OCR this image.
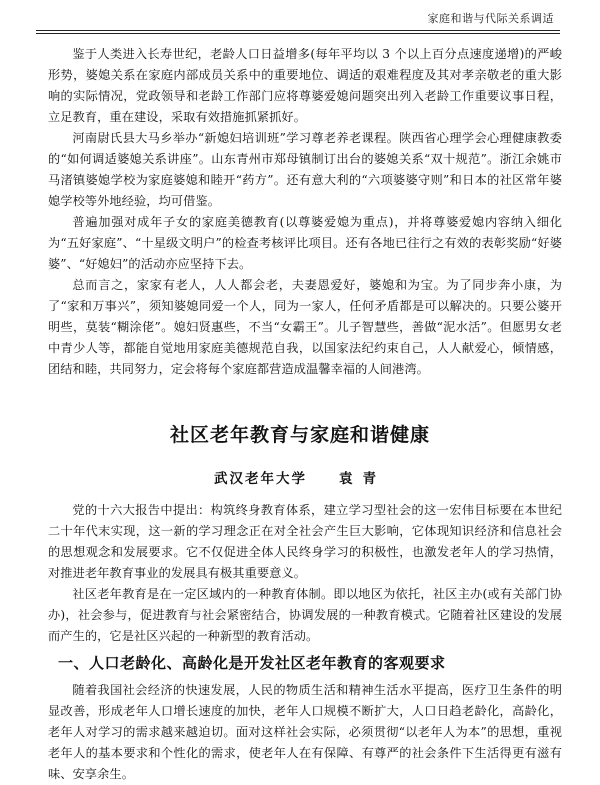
家庭和谐与代际关系调适

鉴于人类进入长寿世纪，老龄人口日益增多(每年平均以 3 个以上百分点速度递增)的严峻形势，婆媳关系在家庭内部成员关系中的重要地位、调适的艰难程度及其对孝亲敬老的重大影响的实际情况，党政领导和老龄工作部门应将尊婆爱媳问题突出列入老龄工作重要议事日程，立足教育，重在建设，采取有效措施抓紧抓好。

河南尉氏县大马乡举办“新媳妇培训班”学习尊老养老课程。陕西省心理学会心理健康教委的“如何调适婆媳关系讲座”。山东青州市郑母镇制订出台的婆媳关系“双十规范”。浙江余姚市马渚镇婆媳学校为家庭婆媳和睦开“药方”。还有意大利的“六项婆婆守则”和日本的社区常年婆媳学校等外地经验，均可借鉴。

普遍加强对成年子女的家庭美德教育(以尊婆爱媳为重点)，并将尊婆爱媳内容纳入细化为“五好家庭”、“十星级文明户”的检查考核评比项目。还有各地已往行之有效的表彰奖励“好婆婆”、“好媳妇”的活动亦应坚持下去。

总而言之，家家有老人，人人都会老，夫妻恩爱好，婆媳和为宝。为了同步奔小康，为了“家和万事兴”，须知婆媳同爱一个人，同为一家人，任何矛盾都是可以解决的。只要公婆开明些，莫装“糊涂佬”。媳妇贤惠些，不当“女霸王”。儿子智慧些，善做“泥水活”。但愿男女老中青少人等，都能自觉地用家庭美德规范自我，以国家法纪约束自己，人人献爱心，倾情感，团结和睦，共同努力，定会将每个家庭都营造成温馨幸福的人间港湾。

社区老年教育与家庭和谐健康
武汉老年大学 袁青

党的十六大报告中提出：构筑终身教育体系，建立学习型社会的这一宏伟目标要在本世纪二十年代末实现，这一新的学习理念正在对全社会产生巨大影响，它体现知识经济和信息社会的思想观念和发展要求。它不仅促进全体人民终身学习的积极性，也激发老年人的学习热情，对推进老年教育事业的发展具有极其重要意义。

社区老年教育是在一定区域内的一种教育体制。即以地区为依托，社区主办(或有关部门协办)，社会参与，促进教育与社会紧密结合，协调发展的一种教育模式。它随着社区建设的发展而产生的，它是社区兴起的一种新型的教育活动。

一、人口老龄化、高龄化是开发社区老年教育的客观要求

随着我国社会经济的快速发展，人民的物质生活和精神生活水平提高，医疗卫生条件的明显改善，形成老年人口增长速度的加快，老年人口规模不断扩大，人口日趋老龄化，高龄化，老年人对学习的需求越来越迫切。面对这样社会实际，必须贯彻“以老年人为本”的思想，重视老年人的基本要求和个性化的需求，使老年人在有保障、有尊严的社会条件下生活得更有滋有味、安享余生。
